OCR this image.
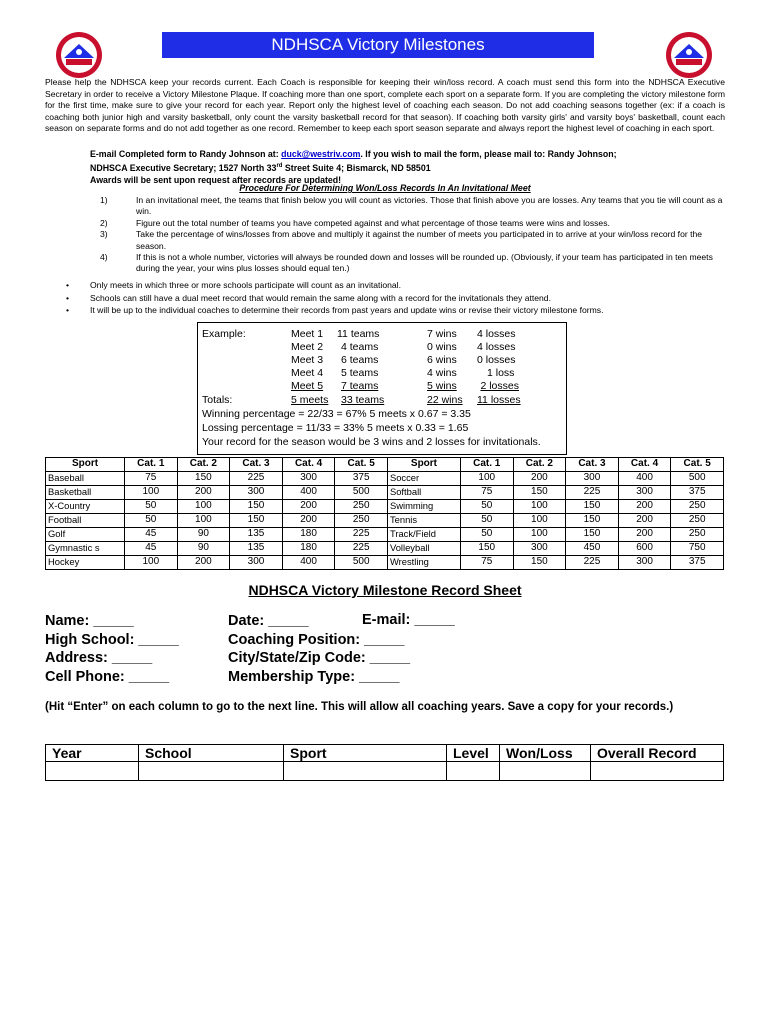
NDHSCA Victory Milestones
Please help the NDHSCA keep your records current. Each Coach is responsible for keeping their win/loss record. A coach must send this form into the NDHSCA Executive Secretary in order to receive a Victory Milestone Plaque. If coaching more than one sport, complete each sport on a separate form. If you are completing the victory milestone form for the first time, make sure to give your record for each year. Report only the highest level of coaching each season. Do not add coaching seasons together (ex: if a coach is coaching both junior high and varsity basketball, only count the varsity basketball record for that season). If coaching both varsity girls' and varsity boys' basketball, count each season on separate forms and do not add together as one record. Remember to keep each sport season separate and always report the highest level of coaching in each sport.
E-mail Completed form to Randy Johnson at: duck@westriv.com. If you wish to mail the form, please mail to: Randy Johnson;
NDHSCA Executive Secretary; 1527 North 33rd Street Suite 4; Bismarck, ND 58501
Awards will be sent upon request after records are updated!
Procedure For Determining Won/Loss Records In An Invitational Meet
1)	In an invitational meet, the teams that finish below you will count as victories. Those that finish above you are losses. Any teams that you tie will count as a win.
2)	Figure out the total number of teams you have competed against and what percentage of those teams were wins and losses.
3)	Take the percentage of wins/losses from above and multiply it against the number of meets you participated in to arrive at your win/loss record for the season.
4)	If this is not a whole number, victories will always be rounded down and losses will be rounded up. (Obviously, if your team has participated in ten meets during the year, your wins plus losses should equal ten.)
•	Only meets in which three or more schools participate will count as an invitational.
•	Schools can still have a dual meet record that would remain the same along with a record for the invitationals they attend.
•	It will be up to the individual coaches to determine their records from past years and update wins or revise their victory milestone forms.
Example:	Meet 1 11 teams	7 wins 4 losses
Meet 2 4 teams	0 wins 4 losses
Meet 3 6 teams	6 wins 0 losses
Meet 4 5 teams	4 wins	1 loss
Meet 5	7 teams	5 wins	2 losses
Totals:	5 meets	33 teams	22 wins	11 losses
Winning percentage = 22/33 = 67% 5 meets x 0.67 = 3.35
Lossing percentage = 11/33 = 33% 5 meets x 0.33 = 1.65
Your record for the season would be 3 wins and 2 losses for invitationals.
Sport	Cat. 1	Cat. 2	Cat. 3	Cat. 4	Cat. 5	Sport	Cat. 1	Cat. 2	Cat. 3	Cat. 4	Cat. 5
Baseball	75	150	225	300	375	Soccer	100	200	300	400	500
Basketball	100	200	300	400	500	Softball	75	150	225	300	375
X-Country	50	100	150	200	250	Swimming	50	100	150	200	250
Football	50	100	150	200	250	Tennis	50	100	150	200	250
Golf	45	90	135	180	225	Track/Field	50	100	150	200	250
Gymnastic s	45	90	135	180	225	Volleyball	150	300	450	600	750
Hockey	100	200	300	400	500	Wrestling	75	150	225	300	375
NDHSCA Victory Milestone Record Sheet
Name: _____
High School: _____
Address: _____
Cell Phone: _____
Date: _____
Coaching Position: _____
City/State/Zip Code: _____
Membership Type: _____
E-mail: _____
(Hit “Enter” on each column to go to the next line. This will allow all coaching years. Save a copy for your records.)
Year	School	Sport	Level	Won/Loss	Overall Record
